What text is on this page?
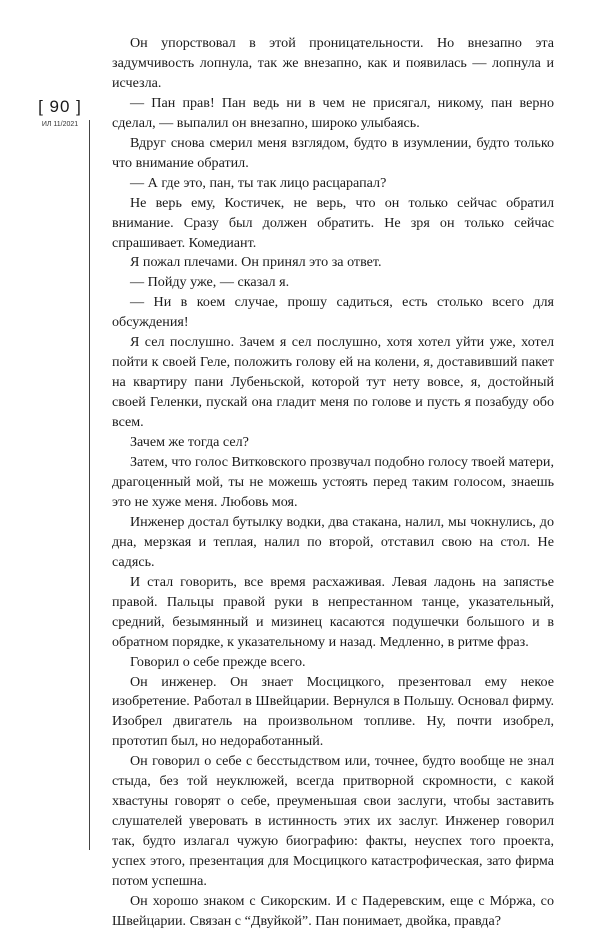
[ 90 ]
ИЛ 11/2021

Он упорствовал в этой проницательности. Но внезапно эта задумчивость лопнула, так же внезапно, как и появилась — лопнула и исчезла.

— Пан прав! Пан ведь ни в чем не присягал, никому, пан верно сделал, — выпалил он внезапно, широко улыбаясь.

Вдруг снова смерил меня взглядом, будто в изумлении, будто только что внимание обратил.

— А где это, пан, ты так лицо расцарапал?

Не верь ему, Костичек, не верь, что он только сейчас обратил внимание. Сразу был должен обратить. Не зря он только сейчас спрашивает. Комедиант.

Я пожал плечами. Он принял это за ответ.

— Пойду уже, — сказал я.

— Ни в коем случае, прошу садиться, есть столько всего для обсуждения!

Я сел послушно. Зачем я сел послушно, хотя хотел уйти уже, хотел пойти к своей Геле, положить голову ей на колени, я, доставивший пакет на квартиру пани Лубеньской, которой тут нету вовсе, я, достойный своей Геленки, пускай она гладит меня по голове и пусть я позабуду обо всем.

Зачем же тогда сел?

Затем, что голос Витковского прозвучал подобно голосу твоей матери, драгоценный мой, ты не можешь устоять перед таким голосом, знаешь это не хуже меня. Любовь моя.

Инженер достал бутылку водки, два стакана, налил, мы чокнулись, до дна, мерзкая и теплая, налил по второй, отставил свою на стол. Не садясь.

И стал говорить, все время расхаживая. Левая ладонь на запястье правой. Пальцы правой руки в непрестанном танце, указательный, средний, безымянный и мизинец касаются подушечки большого и в обратном порядке, к указательному и назад. Медленно, в ритме фраз.

Говорил о себе прежде всего.

Он инженер. Он знает Мосцицкого, презентовал ему некое изобретение. Работал в Швейцарии. Вернулся в Польшу. Основал фирму. Изобрел двигатель на произвольном топливе. Ну, почти изобрел, прототип был, но недоработанный.

Он говорил о себе с бесстыдством или, точнее, будто вообще не знал стыда, без той неуклюжей, всегда притворной скромности, с какой хвастуны говорят о себе, преуменьшая свои заслуги, чтобы заставить слушателей уверовать в истинность этих их заслуг. Инженер говорил так, будто излагал чужую биографию: факты, неуспех того проекта, успех этого, презентация для Мосцицкого катастрофическая, зато фирма потом успешна.

Он хорошо знаком с Сикорским. И с Падеревским, еще с Мóржа, со Швейцарии. Связан с “Двуйкой”. Пан понимает, двойка, правда?
